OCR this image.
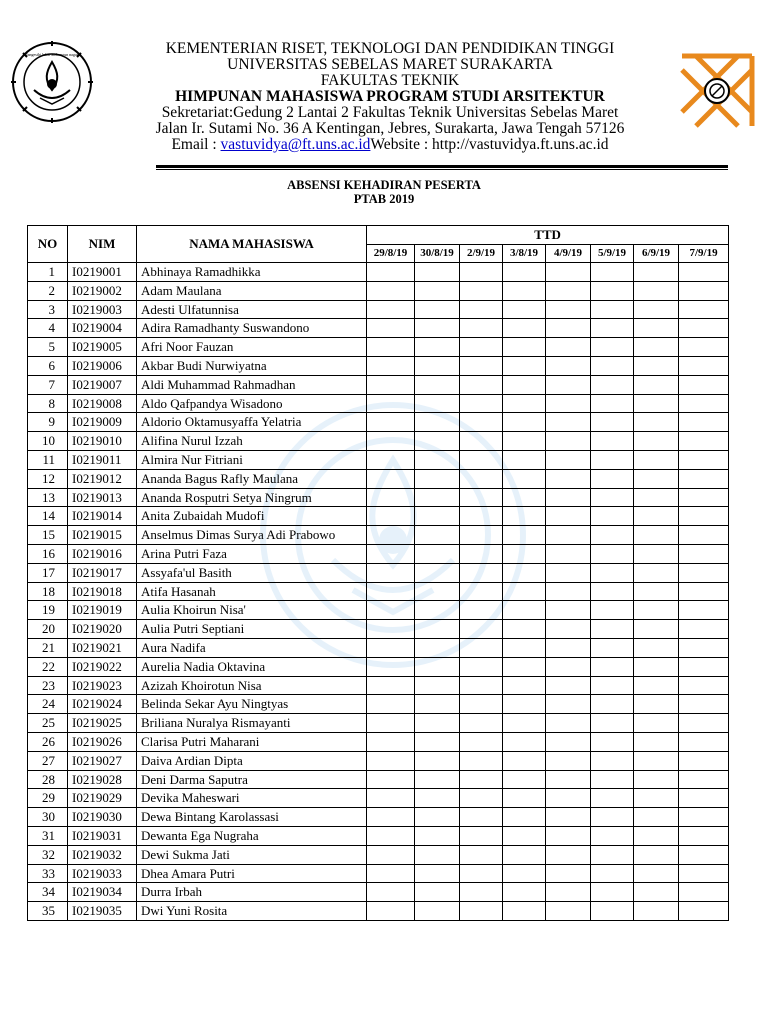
Mangesthi luhur ambangun nagara	KEMENTERIAN RISET, TEKNOLOGI DAN PENDIDIKAN TINGGI
UNIVERSITAS SEBELAS MARET SURAKARTA
FAKULTAS TEKNIK
HIMPUNAN MAHASISWA PROGRAM STUDI ARSITEKTUR
Sekretariat:Gedung 2 Lantai 2 Fakultas Teknik Universitas Sebelas Maret
Jalan Ir. Sutami No. 36 A Kentingan, Jebres, Surakarta, Jawa Tengah 57126
Email : vastuvidya@ft.uns.ac.idWebsite : http://vastuvidya.ft.uns.ac.id
ABSENSI KEHADIRAN PESERTA
PTAB 2019
NO	NIM	NAMA MAHASISWA	TTD							
			29/8/19	30/8/19	2/9/19	3/8/19	4/9/19	5/9/19	6/9/19	7/9/19
1	I0219001	Abhinaya Ramadhikka								
2	I0219002	Adam Maulana								
3	I0219003	Adesti Ulfatunnisa								
4	I0219004	Adira Ramadhanty Suswandono								
5	I0219005	Afri Noor Fauzan								
6	I0219006	Akbar Budi Nurwiyatna								
7	I0219007	Aldi Muhammad Rahmadhan								
8	I0219008	Aldo Qafpandya Wisadono								
9	I0219009	Aldorio Oktamusyaffa Yelatria								
10	I0219010	Alifina Nurul Izzah								
11	I0219011	Almira Nur Fitriani								
12	I0219012	Ananda Bagus Rafly Maulana								
13	I0219013	Ananda Rosputri Setya Ningrum								
14	I0219014	Anita Zubaidah Mudofi								
15	I0219015	Anselmus Dimas Surya Adi Prabowo								
16	I0219016	Arina Putri Faza								
17	I0219017	Assyafa'ul Basith								
18	I0219018	Atifa Hasanah								
19	I0219019	Aulia Khoirun Nisa'								
20	I0219020	Aulia Putri Septiani								
21	I0219021	Aura Nadifa								
22	I0219022	Aurelia Nadia Oktavina								
23	I0219023	Azizah Khoirotun Nisa								
24	I0219024	Belinda Sekar Ayu Ningtyas								
25	I0219025	Briliana Nuralya Rismayanti								
26	I0219026	Clarisa Putri Maharani								
27	I0219027	Daiva Ardian Dipta								
28	I0219028	Deni Darma Saputra								
29	I0219029	Devika Maheswari								
30	I0219030	Dewa Bintang Karolassasi								
31	I0219031	Dewanta Ega Nugraha								
32	I0219032	Dewi Sukma Jati								
33	I0219033	Dhea Amara Putri								
34	I0219034	Durra Irbah								
35	I0219035	Dwi Yuni Rosita								
